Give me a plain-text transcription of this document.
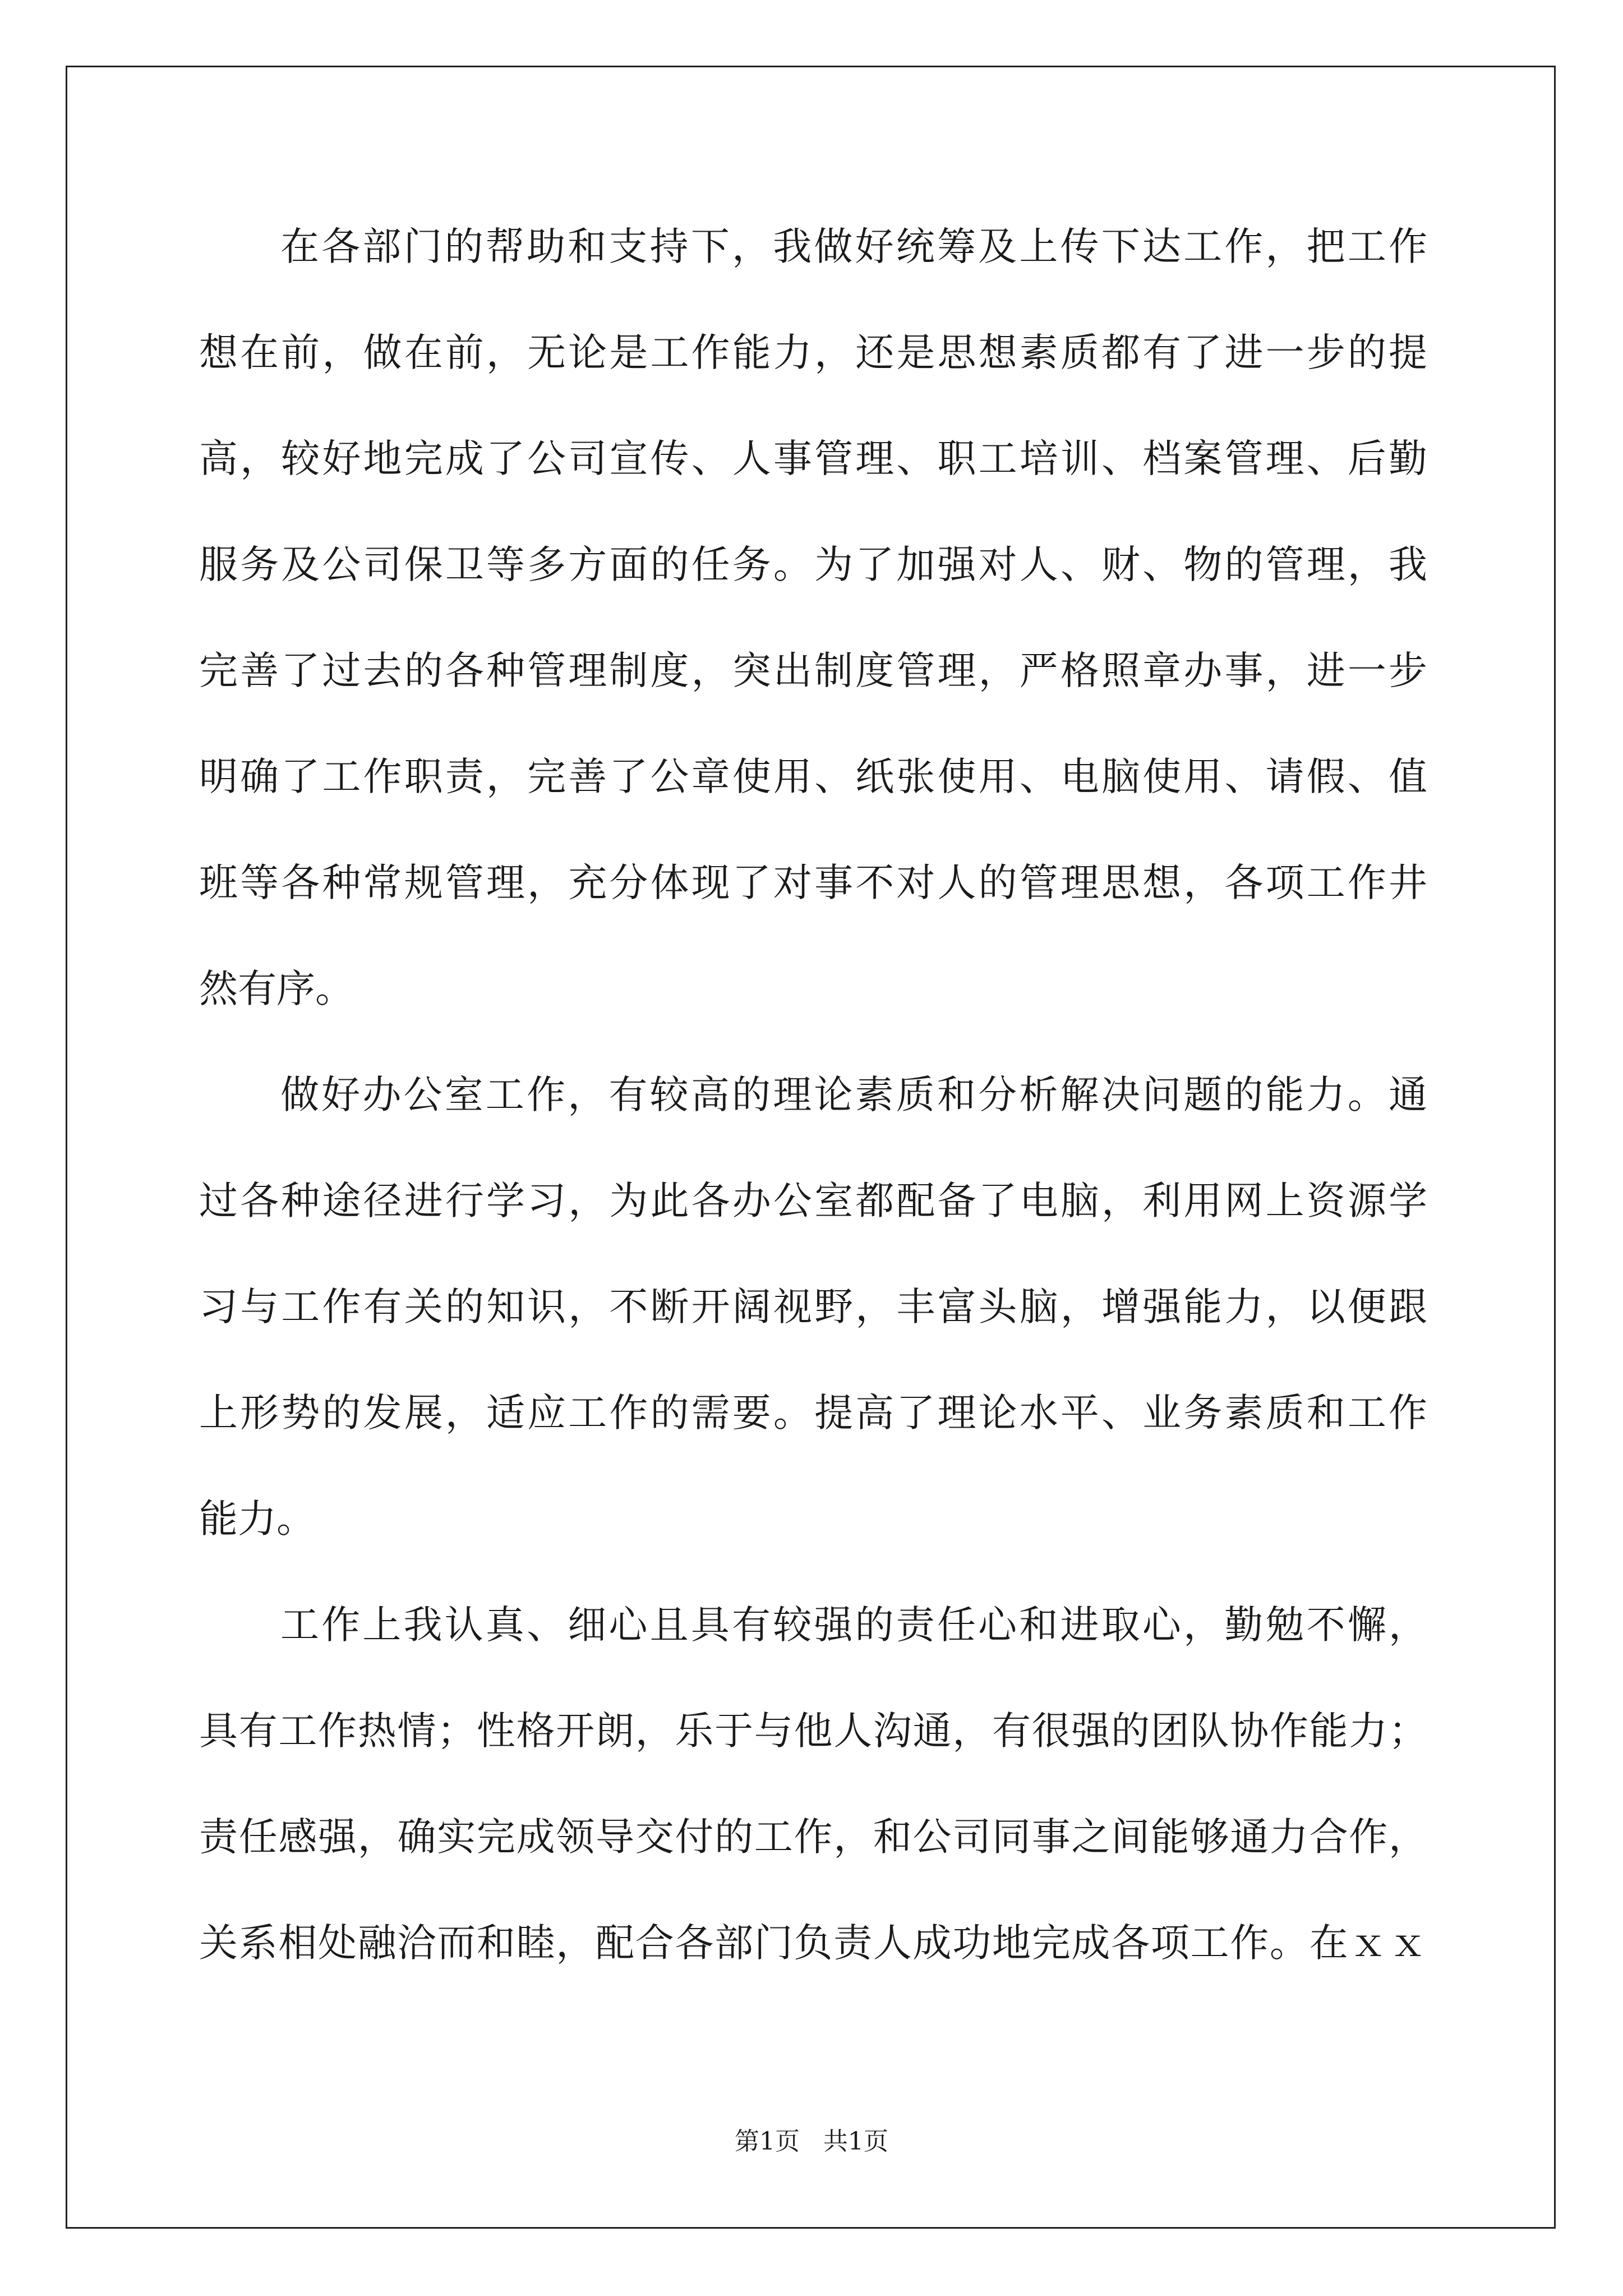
在各部门的帮助和支持下，我做好统筹及上传下达工作，把工作
想在前，做在前，无论是工作能力，还是思想素质都有了进一步的提
高，较好地完成了公司宣传、人事管理、职工培训、档案管理、后勤
服务及公司保卫等多方面的任务。为了加强对人、财、物的管理，我
完善了过去的各种管理制度，突出制度管理，严格照章办事，进一步
明确了工作职责，完善了公章使用、纸张使用、电脑使用、请假、值
班等各种常规管理，充分体现了对事不对人的管理思想，各项工作井
然有序。
做好办公室工作，有较高的理论素质和分析解决问题的能力。通
过各种途径进行学习，为此各办公室都配备了电脑，利用网上资源学
习与工作有关的知识，不断开阔视野，丰富头脑，增强能力，以便跟
上形势的发展，适应工作的需要。提高了理论水平、业务素质和工作
能力。
工作上我认真、细心且具有较强的责任心和进取心，勤勉不懈，
具有工作热情；性格开朗，乐于与他人沟通，有很强的团队协作能力；
责任感强，确实完成领导交付的工作，和公司同事之间能够通力合作，
关系相处融洽而和睦，配合各部门负责人成功地完成各项工作。在ｘｘ
第1页   共1页
